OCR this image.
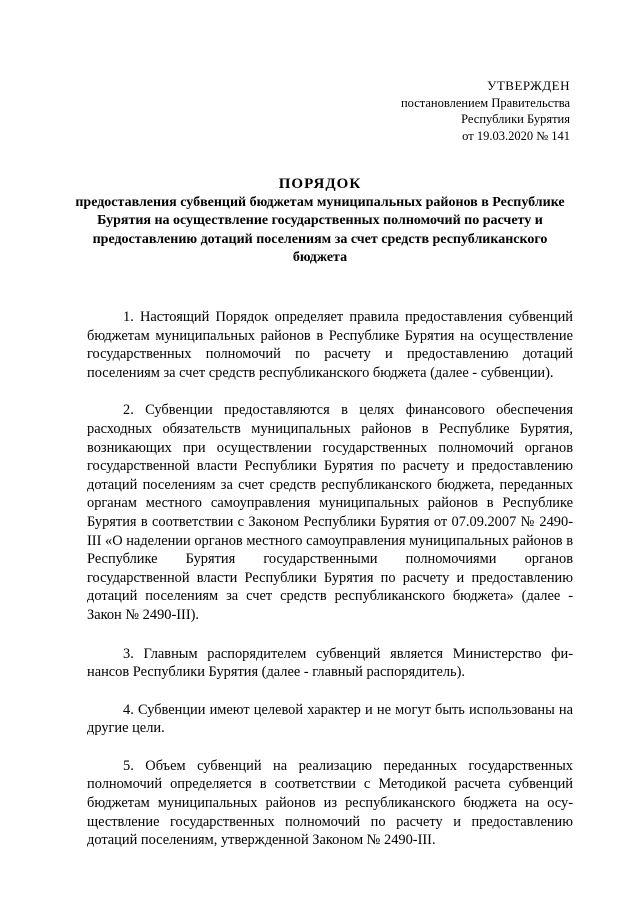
УТВЕРЖДЕН
постановлением Правительства
Республики Бурятия
от 19.03.2020 № 141
ПОРЯДОК
предоставления субвенций бюджетам муниципальных районов в Республике Бурятия на осуществление государственных полномочий по расчету и предоставлению дотаций поселениям за счет средств республиканского бюджета

1. Настоящий Порядок определяет правила предоставления субвенций бюджетам муниципальных районов в Республике Бурятия на осуществление государственных полномочий по расчету и предоставлению дотаций поселениям за счет средств республиканского бюджета (далее - субвенции).

2. Субвенции предоставляются в целях финансового обеспечения расходных обязательств муниципальных районов в Республике Бурятия, возникающих при осуществлении государственных полномочий органов государственной власти Республики Бурятия по расчету и предоставлению дотаций поселениям за счет средств республиканского бюджета, переданных органам местного самоуправления муниципальных районов в Республике Бурятия в соответствии с Законом Республики Бурятия от 07.09.2007 № 2490-III «О наделении органов местного самоуправления муниципальных районов в Республике Бурятия государственными полномочиями органов государственной власти Республики Бурятия по расчету и предоставлению дотаций поселениям за счет средств республиканского бюджета» (далее - Закон № 2490-III).

3. Главным распорядителем субвенций является Министерство финансов Республики Бурятия (далее - главный распорядитель).

4. Субвенции имеют целевой характер и не могут быть использованы на другие цели.

5. Объем субвенций на реализацию переданных государственных полномочий определяется в соответствии с Методикой расчета субвенций бюджетам муниципальных районов из республиканского бюджета на осуществление государственных полномочий по расчету и предоставлению дотаций поселениям, утвержденной Законом № 2490-III.
